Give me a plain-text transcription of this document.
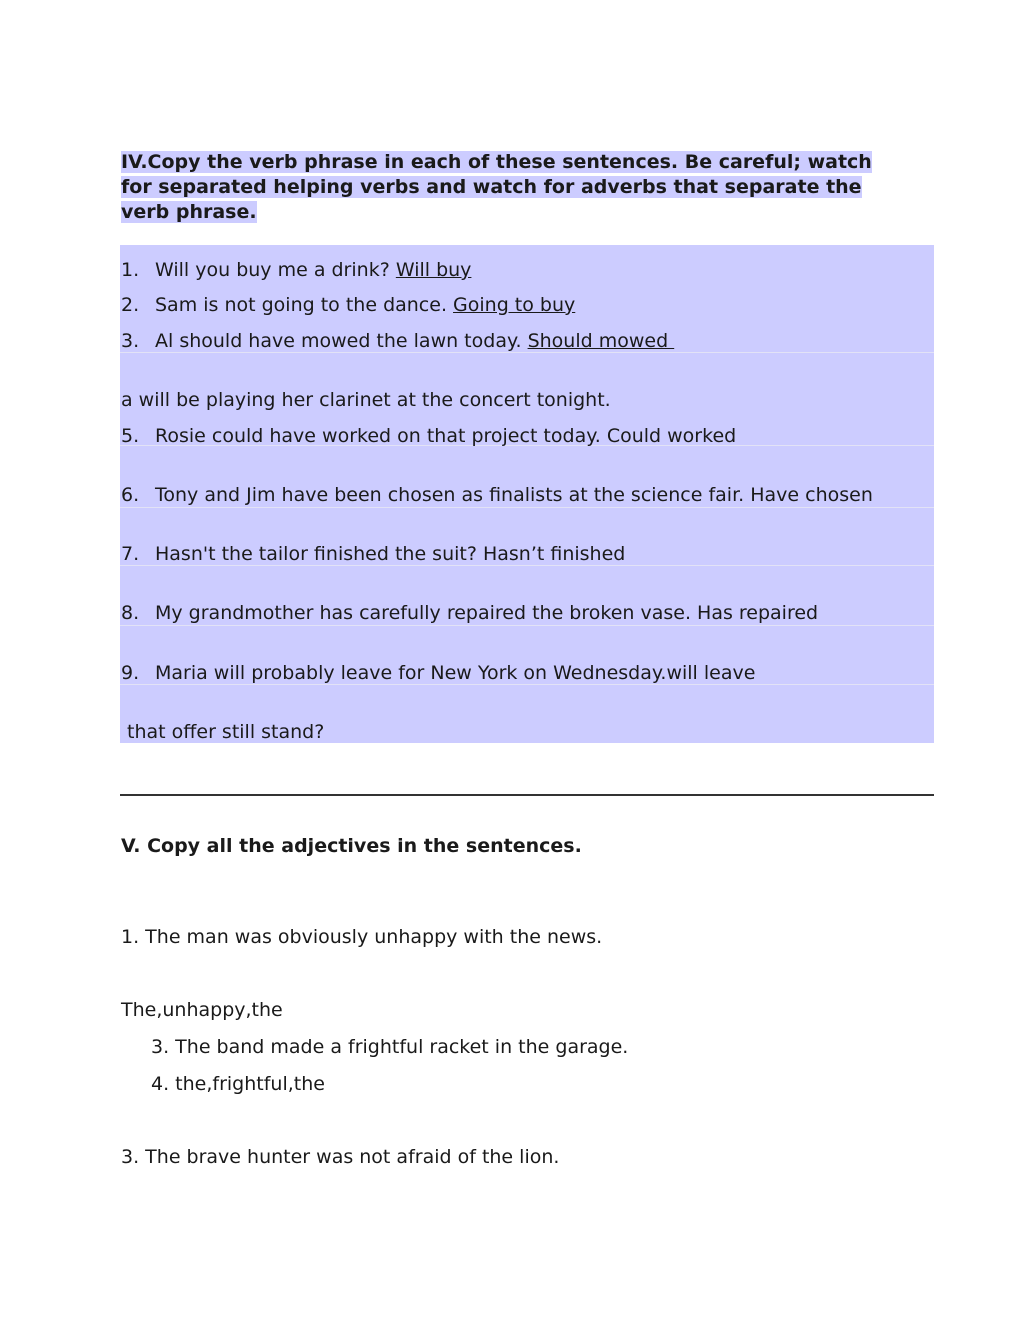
IV.Copy the verb phrase in each of these sentences. Be careful; watch
for separated helping verbs and watch for adverbs that separate the
verb phrase.

1. Will you buy me a drink? Will buy

2. Sam is not going to the dance. Going to buy

3. Al should have mowed the lawn today. Should mowed

a will be playing her clarinet at the concert tonight.

5. Rosie could have worked on that project today. Could worked

6. Tony and Jim have been chosen as finalists at the science fair. Have chosen

7. Hasn't the tailor finished the suit? Hasn’t finished

8. My grandmother has carefully repaired the broken vase. Has repaired

9. Maria will probably leave for New York on Wednesday.will leave

that offer still stand?

V. Copy all the adjectives in the sentences.

1. The man was obviously unhappy with the news.

The,unhappy,the

3. The band made a frightful racket in the garage.

4. the,frightful,the

3. The brave hunter was not afraid of the lion.
